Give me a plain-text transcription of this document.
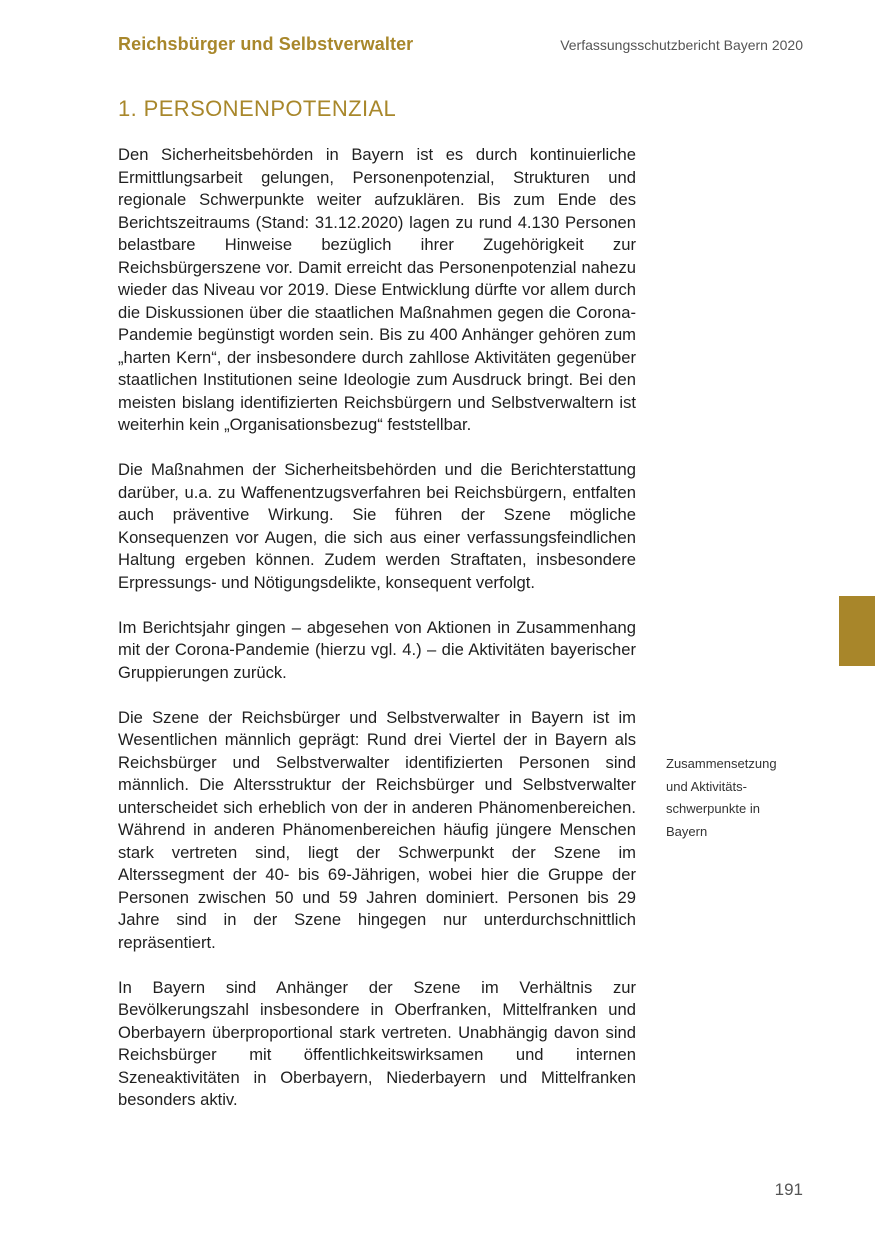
Reichsbürger und Selbstverwalter	Verfassungsschutzbericht Bayern 2020
1. PERSONENPOTENZIAL

Den Sicherheitsbehörden in Bayern ist es durch kontinuierliche Ermittlungsarbeit gelungen, Personenpotenzial, Strukturen und regionale Schwerpunkte weiter aufzuklären. Bis zum Ende des Berichtszeitraums (Stand: 31.12.2020) lagen zu rund 4.130 Personen belastbare Hinweise bezüglich ihrer Zugehörigkeit zur Reichsbürgerszene vor. Damit erreicht das Personenpotenzial nahezu wieder das Niveau vor 2019. Diese Entwicklung dürfte vor allem durch die Diskussionen über die staatlichen Maßnahmen gegen die Corona-Pandemie begünstigt worden sein. Bis zu 400 Anhänger gehören zum „harten Kern“, der insbesondere durch zahllose Aktivitäten gegenüber staatlichen Institutionen seine Ideologie zum Ausdruck bringt. Bei den meisten bislang identifizierten Reichsbürgern und Selbstverwaltern ist weiterhin kein „Organisationsbezug“ feststellbar.

Die Maßnahmen der Sicherheitsbehörden und die Berichterstattung darüber, u.a. zu Waffenentzugsverfahren bei Reichsbürgern, entfalten auch präventive Wirkung. Sie führen der Szene mögliche Konsequenzen vor Augen, die sich aus einer verfassungsfeindlichen Haltung ergeben können. Zudem werden Straftaten, insbesondere Erpressungs- und Nötigungsdelikte, konsequent verfolgt.

Im Berichtsjahr gingen – abgesehen von Aktionen in Zusammenhang mit der Corona-Pandemie (hierzu vgl. 4.) – die Aktivitäten bayerischer Gruppierungen zurück.

Die Szene der Reichsbürger und Selbstverwalter in Bayern ist im Wesentlichen männlich geprägt: Rund drei Viertel der in Bayern als Reichsbürger und Selbstverwalter identifizierten Personen sind männlich. Die Altersstruktur der Reichsbürger und Selbstverwalter unterscheidet sich erheblich von der in anderen Phänomenbereichen. Während in anderen Phänomenbereichen häufig jüngere Menschen stark vertreten sind, liegt der Schwerpunkt der Szene im Alterssegment der 40- bis 69-Jährigen, wobei hier die Gruppe der Personen zwischen 50 und 59 Jahren dominiert. Personen bis 29 Jahre sind in der Szene hingegen nur unterdurchschnittlich repräsentiert.

In Bayern sind Anhänger der Szene im Verhältnis zur Bevölkerungszahl insbesondere in Oberfranken, Mittelfranken und Oberbayern überproportional stark vertreten. Unabhängig davon sind Reichsbürger mit öffentlichkeitswirksamen und internen Szeneaktivitäten in Oberbayern, Niederbayern und Mittelfranken besonders aktiv.

Zusammensetzung
und Aktivitäts-
schwerpunkte in
Bayern
191
